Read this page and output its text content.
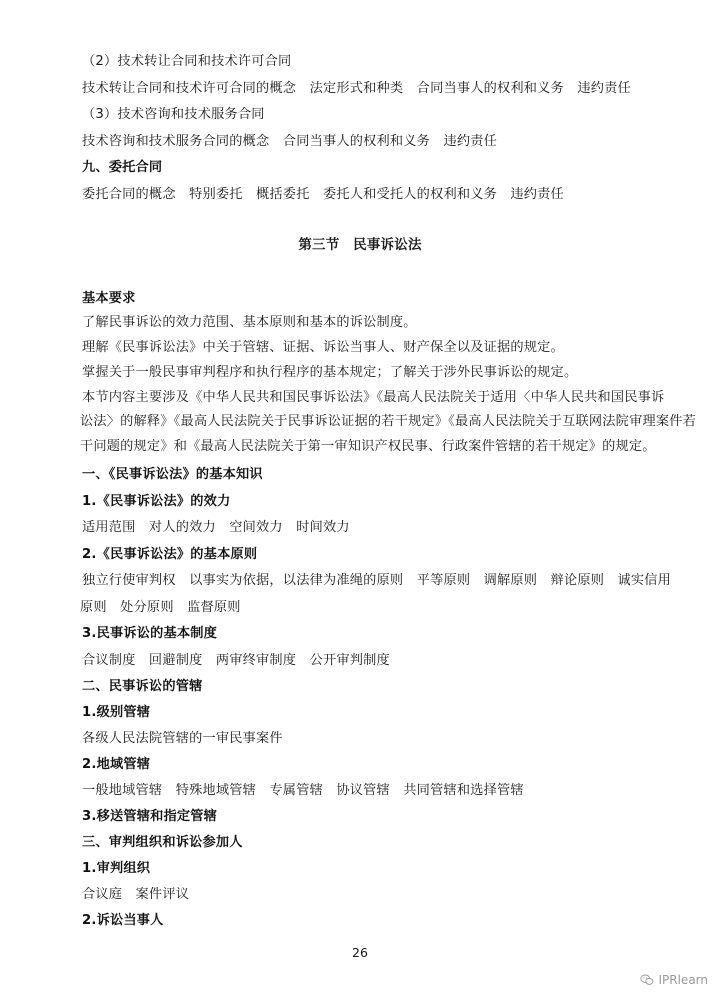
（2）技术转让合同和技术许可合同
技术转让合同和技术许可合同的概念　法定形式和种类　合同当事人的权利和义务　违约责任
（3）技术咨询和技术服务合同
技术咨询和技术服务合同的概念　合同当事人的权利和义务　违约责任
九、委托合同
委托合同的概念　特别委托　概括委托　委托人和受托人的权利和义务　违约责任
第三节　民事诉讼法
基本要求
了解民事诉讼的效力范围、基本原则和基本的诉讼制度。
理解《民事诉讼法》中关于管辖、证据、诉讼当事人、财产保全以及证据的规定。
掌握关于一般民事审判程序和执行程序的基本规定；了解关于涉外民事诉讼的规定。
本节内容主要涉及《中华人民共和国民事诉讼法》《最高人民法院关于适用〈中华人民共和国民事诉
讼法〉的解释》《最高人民法院关于民事诉讼证据的若干规定》《最高人民法院关于互联网法院审理案件若
干问题的规定》和《最高人民法院关于第一审知识产权民事、行政案件管辖的若干规定》的规定。
一、《民事诉讼法》的基本知识
1.《民事诉讼法》的效力
适用范围　对人的效力　空间效力　时间效力
2.《民事诉讼法》的基本原则
独立行使审判权　以事实为依据，以法律为准绳的原则　平等原则　调解原则　辩论原则　诚实信用
原则　处分原则　监督原则
3.民事诉讼的基本制度
合议制度　回避制度　两审终审制度　公开审判制度
二、民事诉讼的管辖
1.级别管辖
各级人民法院管辖的一审民事案件
2.地域管辖
一般地域管辖　特殊地域管辖　专属管辖　协议管辖　共同管辖和选择管辖
3.移送管辖和指定管辖
三、审判组织和诉讼参加人
1.审判组织
合议庭　案件评议
2.诉讼当事人
26
IPRlearn
